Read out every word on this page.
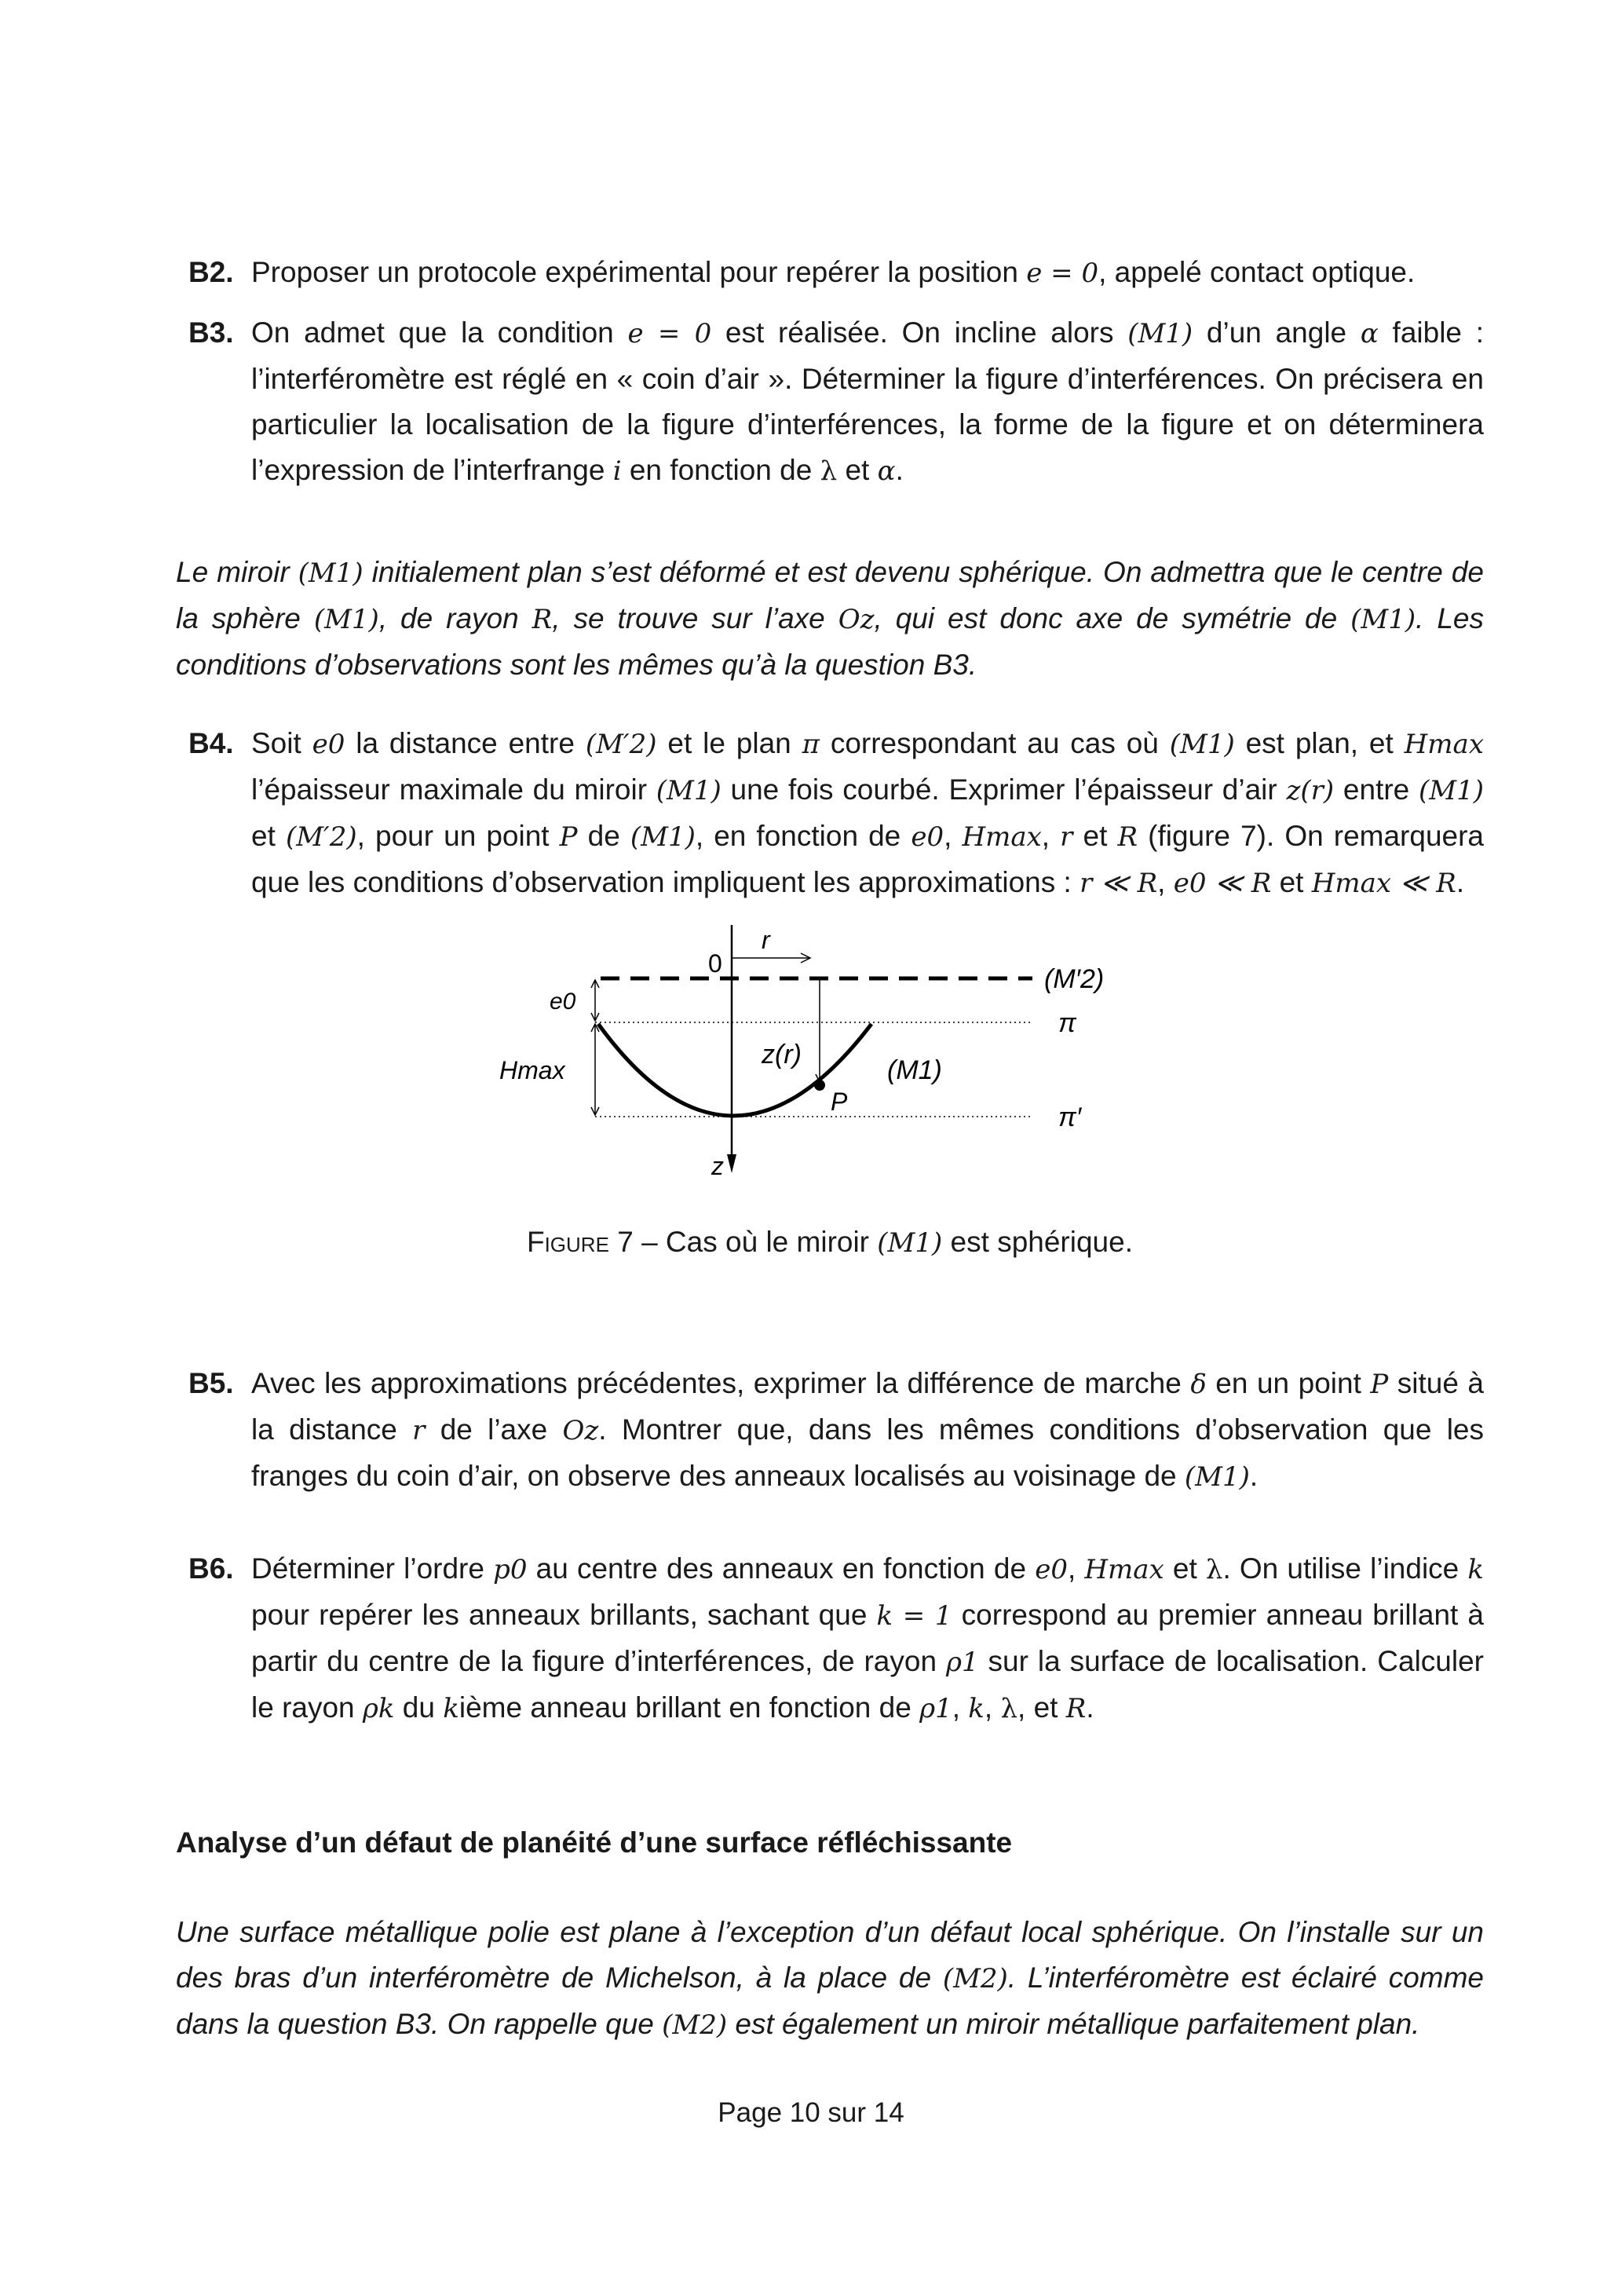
B2. Proposer un protocole expérimental pour repérer la position e = 0, appelé contact optique.

B3. On admet que la condition e = 0 est réalisée. On incline alors (M1) d’un angle α faible : l’interféromètre est réglé en « coin d’air ». Déterminer la figure d’interférences. On précisera en particulier la localisation de la figure d’interférences, la forme de la figure et on déterminera l’expression de l’interfrange i en fonction de λ et α.

Le miroir (M1) initialement plan s’est déformé et est devenu sphérique. On admettra que le centre de la sphère (M1), de rayon R, se trouve sur l’axe Oz, qui est donc axe de symétrie de (M1). Les conditions d’observations sont les mêmes qu’à la question B3.

B4. Soit e0 la distance entre (M′2) et le plan π correspondant au cas où (M1) est plan, et Hmax l’épaisseur maximale du miroir (M1) une fois courbé. Exprimer l’épaisseur d’air z(r) entre (M1) et (M′2), pour un point P de (M1), en fonction de e0, Hmax, r et R (figure 7). On remarquera que les conditions d’observation impliquent les approximations : r ≪ R, e0 ≪ R et Hmax ≪ R.

0
r
(M′2)
e0
π
Hmax
z(r)
(M1)
P
π′
z

Figure 7 – Cas où le miroir (M1) est sphérique.

B5. Avec les approximations précédentes, exprimer la différence de marche δ en un point P situé à la distance r de l’axe Oz. Montrer que, dans les mêmes conditions d’observation que les franges du coin d’air, on observe des anneaux localisés au voisinage de (M1).

B6. Déterminer l’ordre p0 au centre des anneaux en fonction de e0, Hmax et λ. On utilise l’indice k pour repérer les anneaux brillants, sachant que k = 1 correspond au premier anneau brillant à partir du centre de la figure d’interférences, de rayon ρ1 sur la surface de localisation. Calculer le rayon ρk du kième anneau brillant en fonction de ρ1, k, λ, et R.

Analyse d’un défaut de planéité d’une surface réfléchissante

Une surface métallique polie est plane à l’exception d’un défaut local sphérique. On l’installe sur un des bras d’un interféromètre de Michelson, à la place de (M2). L’interféromètre est éclairé comme dans la question B3. On rappelle que (M2) est également un miroir métallique parfaitement plan.

Page 10 sur 14
